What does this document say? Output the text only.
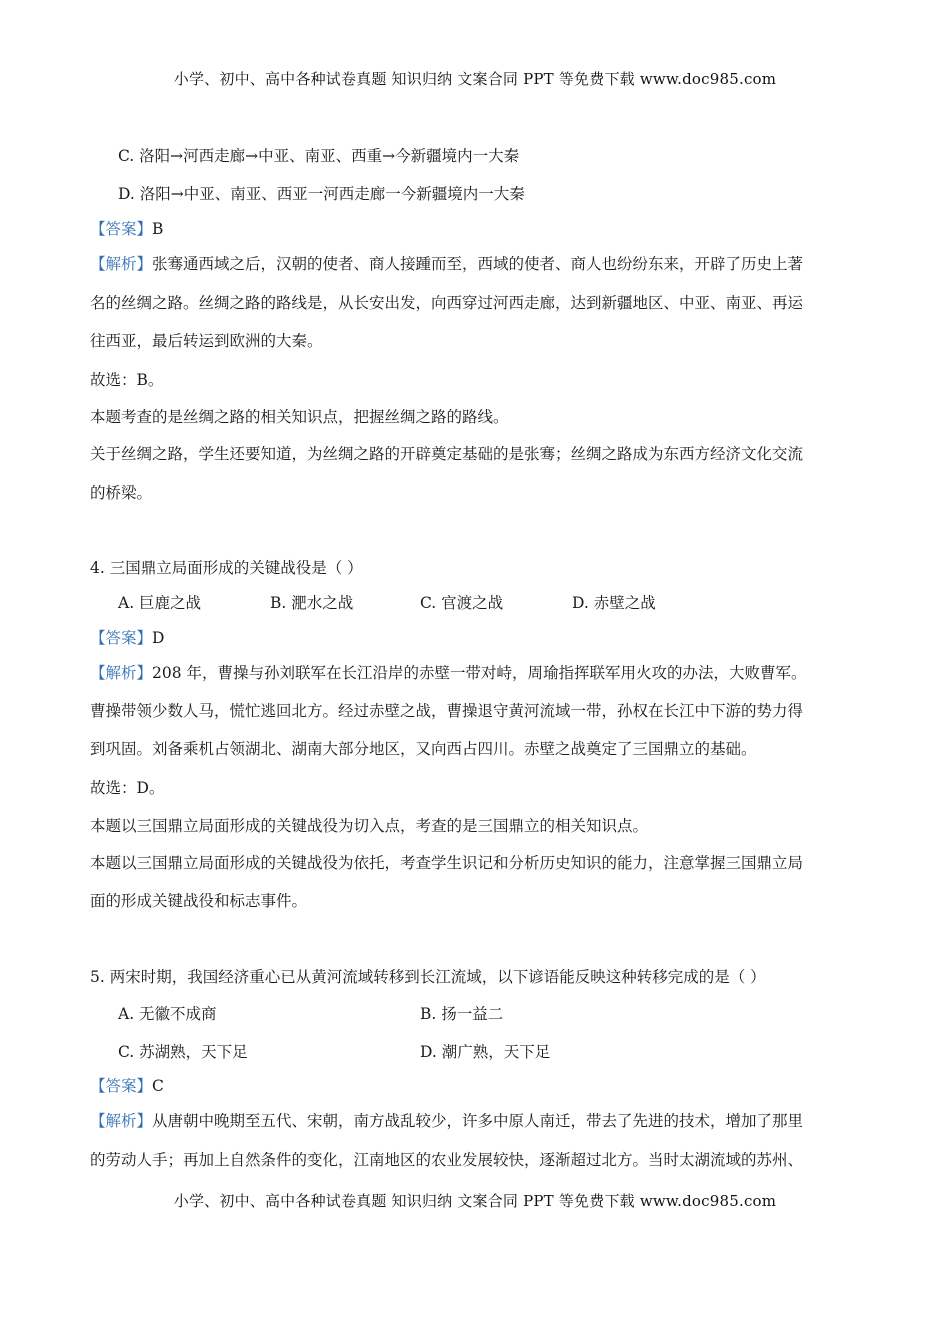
小学、初中、高中各种试卷真题 知识归纳 文案合同 PPT 等免费下载 www.doc985.com
C. 洛阳→河西走廊→中亚、南亚、西重→今新疆境内一大秦
D. 洛阳→中亚、南亚、西亚一河西走廊一今新疆境内一大秦
【答案】B
【解析】张骞通西域之后，汉朝的使者、商人接踵而至，西域的使者、商人也纷纷东来，开辟了历史上著
名的丝绸之路。丝绸之路的路线是，从长安出发，向西穿过河西走廊，达到新疆地区、中亚、南亚、再运
往西亚，最后转运到欧洲的大秦。
故选：B。
本题考查的是丝绸之路的相关知识点，把握丝绸之路的路线。
关于丝绸之路，学生还要知道，为丝绸之路的开辟奠定基础的是张骞；丝绸之路成为东西方经济文化交流
的桥梁。
4. 三国鼎立局面形成的关键战役是（ ）
A. 巨鹿之战	B. 淝水之战	C. 官渡之战	D. 赤壁之战
【答案】D
【解析】208 年，曹操与孙刘联军在长江沿岸的赤壁一带对峙，周瑜指挥联军用火攻的办法，大败曹军。
曹操带领少数人马，慌忙逃回北方。经过赤壁之战，曹操退守黄河流域一带，孙权在长江中下游的势力得
到巩固。刘备乘机占领湖北、湖南大部分地区，又向西占四川。赤壁之战奠定了三国鼎立的基础。
故选：D。
本题以三国鼎立局面形成的关键战役为切入点，考查的是三国鼎立的相关知识点。
本题以三国鼎立局面形成的关键战役为依托，考查学生识记和分析历史知识的能力，注意掌握三国鼎立局
面的形成关键战役和标志事件。
5. 两宋时期，我国经济重心已从黄河流域转移到长江流域，以下谚语能反映这种转移完成的是（ ）
A. 无徽不成商	B. 扬一益二
C. 苏湖熟，天下足	D. 潮广熟，天下足
【答案】C
【解析】从唐朝中晚期至五代、宋朝，南方战乱较少，许多中原人南迁，带去了先进的技术，增加了那里
的劳动人手；再加上自然条件的变化，江南地区的农业发展较快，逐渐超过北方。当时太湖流域的苏州、
小学、初中、高中各种试卷真题 知识归纳 文案合同 PPT 等免费下载 www.doc985.com
